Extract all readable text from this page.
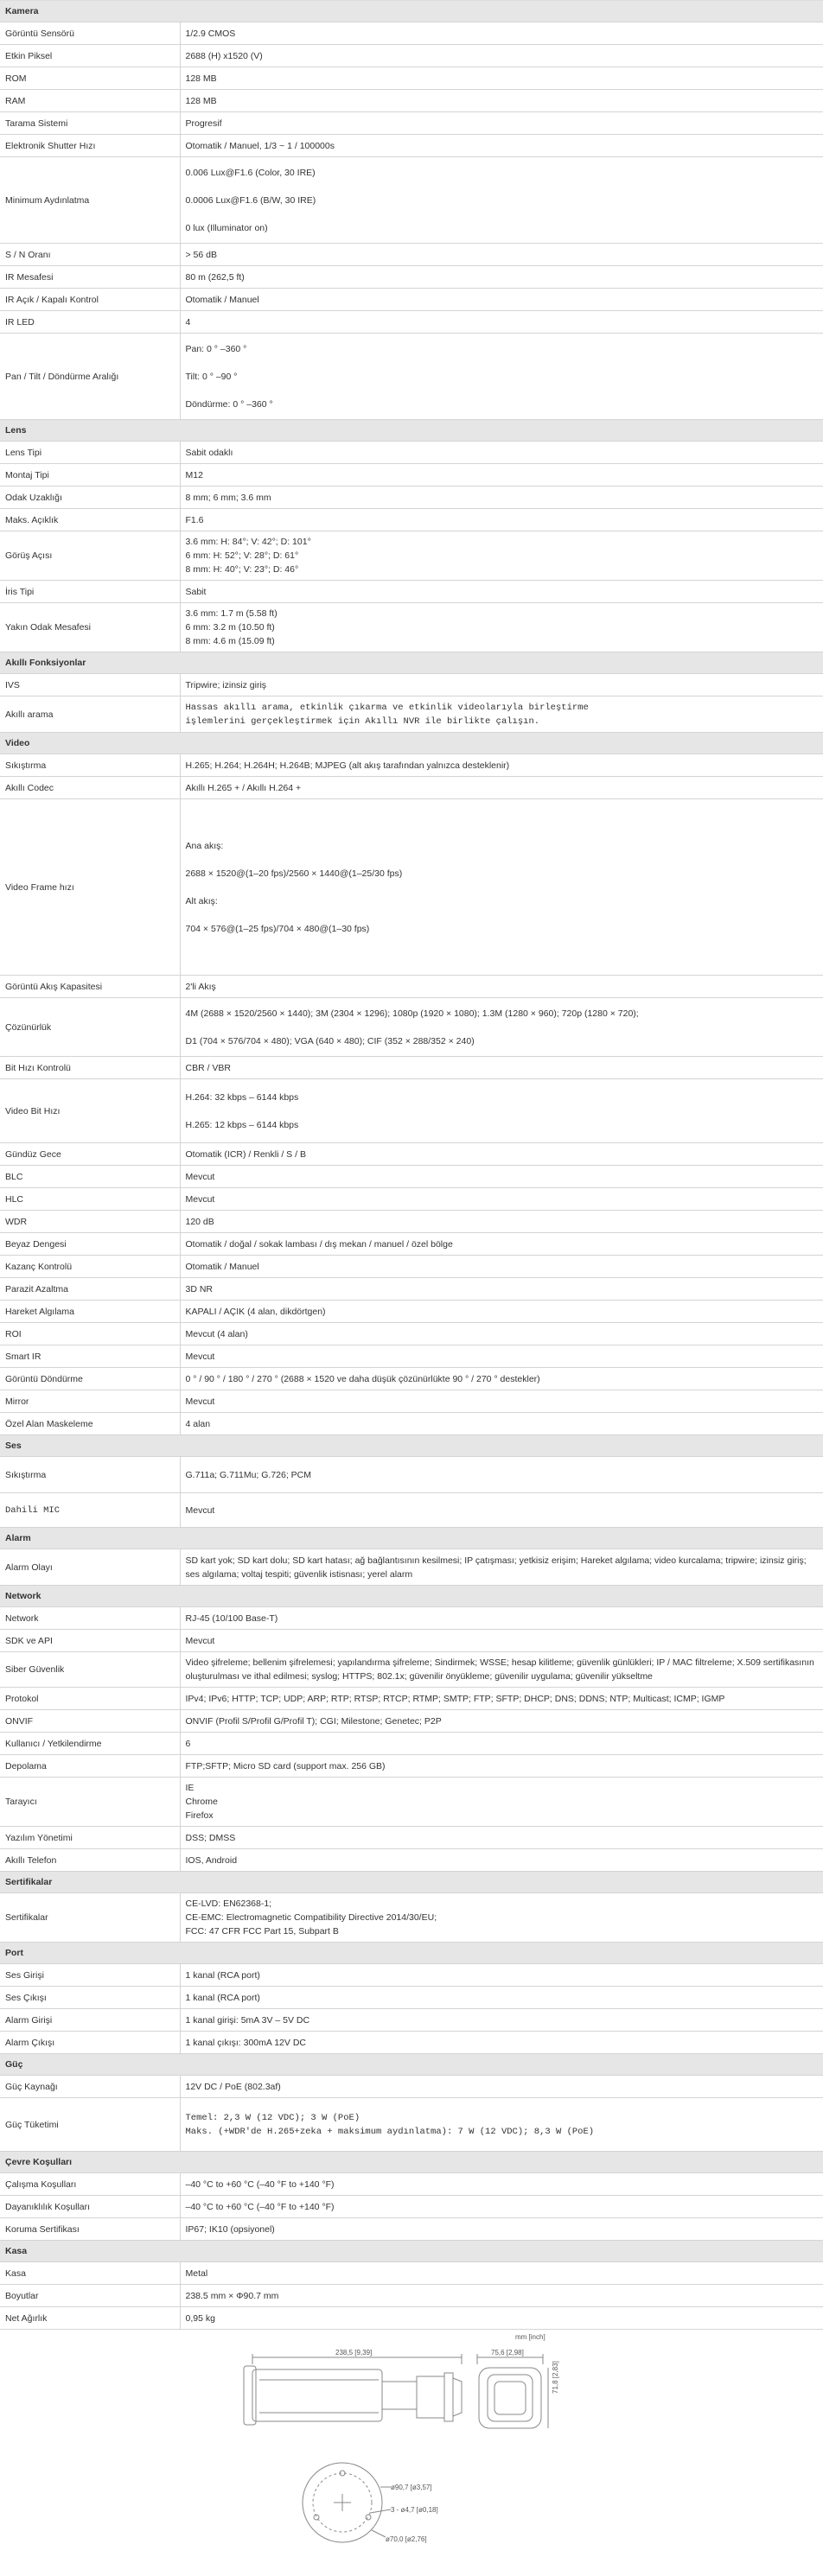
Kamera	
Görüntü Sensörü	1/2.9 CMOS
Etkin Piksel	2688 (H) x1520 (V)
ROM	128 MB
RAM	128 MB
Tarama Sistemi	Progresif
Elektronik Shutter Hızı	Otomatik / Manuel, 1/3 ~ 1 / 100000s
Minimum Aydınlatma	0.006 Lux@F1.6 (Color, 30 IRE)

0.0006 Lux@F1.6 (B/W, 30 IRE)

0 lux (Illuminator on)
S / N Oranı	> 56 dB
IR Mesafesi	80 m (262,5 ft)
IR Açık / Kapalı Kontrol	Otomatik / Manuel
IR LED	4
Pan / Tilt / Döndürme Aralığı	Pan: 0 ° –360 °

Tilt: 0 ° –90 °

Döndürme: 0 ° –360 °
Lens	
Lens Tipi	Sabit odaklı
Montaj Tipi	M12
Odak Uzaklığı	8 mm; 6 mm; 3.6 mm
Maks. Açıklık	F1.6
Görüş Açısı	3.6 mm: H: 84°; V: 42°; D: 101°
6 mm: H: 52°; V: 28°; D: 61°
8 mm: H: 40°; V: 23°; D: 46°
İris Tipi	Sabit
Yakın Odak Mesafesi	3.6 mm: 1.7 m (5.58 ft)
6 mm: 3.2 m (10.50 ft)
8 mm: 4.6 m (15.09 ft)
Akıllı Fonksiyonlar	
IVS	Tripwire; izinsiz giriş
Akıllı arama	Hassas akıllı arama, etkinlik çıkarma ve etkinlik videolarıyla birleştirme
işlemlerini gerçekleştirmek için Akıllı NVR ile birlikte çalışın.
Video	
Sıkıştırma	H.265; H.264; H.264H; H.264B; MJPEG (alt akış tarafından yalnızca desteklenir)
Akıllı Codec	Akıllı H.265 + / Akıllı H.264 +
Video Frame hızı	Ana akış:

2688 × 1520@(1–20 fps)/2560 × 1440@(1–25/30 fps)

Alt akış:

704 × 576@(1–25 fps)/704 × 480@(1–30 fps)
Görüntü Akış Kapasitesi	2'li Akış
Çözünürlük	4M (2688 × 1520/2560 × 1440); 3M (2304 × 1296); 1080p (1920 × 1080); 1.3M (1280 × 960); 720p (1280 × 720);

D1 (704 × 576/704 × 480); VGA (640 × 480); CIF (352 × 288/352 × 240)
Bit Hızı Kontrolü	CBR / VBR
Video Bit Hızı	H.264: 32 kbps – 6144 kbps

H.265: 12 kbps – 6144 kbps
Gündüz Gece	Otomatik (ICR) / Renkli / S / B
BLC	Mevcut
HLC	Mevcut
WDR	120 dB
Beyaz Dengesi	Otomatik / doğal / sokak lambası / dış mekan / manuel / özel bölge
Kazanç Kontrolü	Otomatik / Manuel
Parazit Azaltma	3D NR
Hareket Algılama	KAPALI / AÇIK (4 alan, dikdörtgen)
ROI	Mevcut (4 alan)
Smart IR	Mevcut
Görüntü Döndürme	0 ° / 90 ° / 180 ° / 270 ° (2688 × 1520 ve daha düşük çözünürlükte 90 ° / 270 ° destekler)
Mirror	Mevcut
Özel Alan Maskeleme	4 alan
Ses	
Sıkıştırma	G.711a; G.711Mu; G.726; PCM
Dahili MIC	Mevcut
Alarm	
Alarm Olayı	SD kart yok; SD kart dolu; SD kart hatası; ağ bağlantısının kesilmesi; IP çatışması; yetkisiz erişim; Hareket algılama; video kurcalama; tripwire; izinsiz giriş; ses algılama; voltaj tespiti; güvenlik istisnası; yerel alarm
Network	
Network	RJ-45 (10/100 Base-T)
SDK ve API	Mevcut
Siber Güvenlik	Video şifreleme; bellenim şifrelemesi; yapılandırma şifreleme; Sindirmek; WSSE; hesap kilitleme; güvenlik günlükleri; IP / MAC filtreleme; X.509 sertifikasının oluşturulması ve ithal edilmesi; syslog; HTTPS; 802.1x; güvenilir önyükleme; güvenilir uygulama; güvenilir yükseltme
Protokol	IPv4; IPv6; HTTP; TCP; UDP; ARP; RTP; RTSP; RTCP; RTMP; SMTP; FTP; SFTP; DHCP; DNS; DDNS; NTP; Multicast; ICMP; IGMP
ONVIF	ONVIF (Profil S/Profil G/Profil T); CGI; Milestone; Genetec; P2P
Kullanıcı / Yetkilendirme	6
Depolama	FTP;SFTP; Micro SD card (support max. 256 GB)
Tarayıcı	IE
Chrome
Firefox
Yazılım Yönetimi	DSS; DMSS
Akıllı Telefon	IOS, Android
Sertifikalar	
Sertifikalar	CE-LVD: EN62368-1;
CE-EMC: Electromagnetic Compatibility Directive 2014/30/EU;
FCC: 47 CFR FCC Part 15, Subpart B
Port	
Ses Girişi	1 kanal (RCA port)
Ses Çıkışı	1 kanal (RCA port)
Alarm Girişi	1 kanal girişi: 5mA 3V – 5V DC
Alarm Çıkışı	1 kanal çıkışı: 300mA 12V DC
Güç	
Güç Kaynağı	12V DC / PoE (802.3af)
Güç Tüketimi	Temel: 2,3 W (12 VDC); 3 W (PoE)
Maks. (+WDR'de H.265+zeka + maksimum aydınlatma): 7 W (12 VDC); 8,3 W (PoE)
Çevre Koşulları	
Çalışma Koşulları	–40 °C to +60 °C (–40 °F to +140 °F)
Dayanıklılık Koşulları	–40 °C to +60 °C (–40 °F to +140 °F)
Koruma Sertifikası	IP67; IK10 (opsiyonel)
Kasa	
Kasa	Metal
Boyutlar	238.5 mm × Φ90.7 mm
Net Ağırlık	0,95 kg
mm [inch]
238,5 [9,39]	75,6 [2,98]
71,8 [2,83]
ø90,7 [ø3,57]
3 - ø4,7 [ø0,18]
ø70,0 [ø2,76]
